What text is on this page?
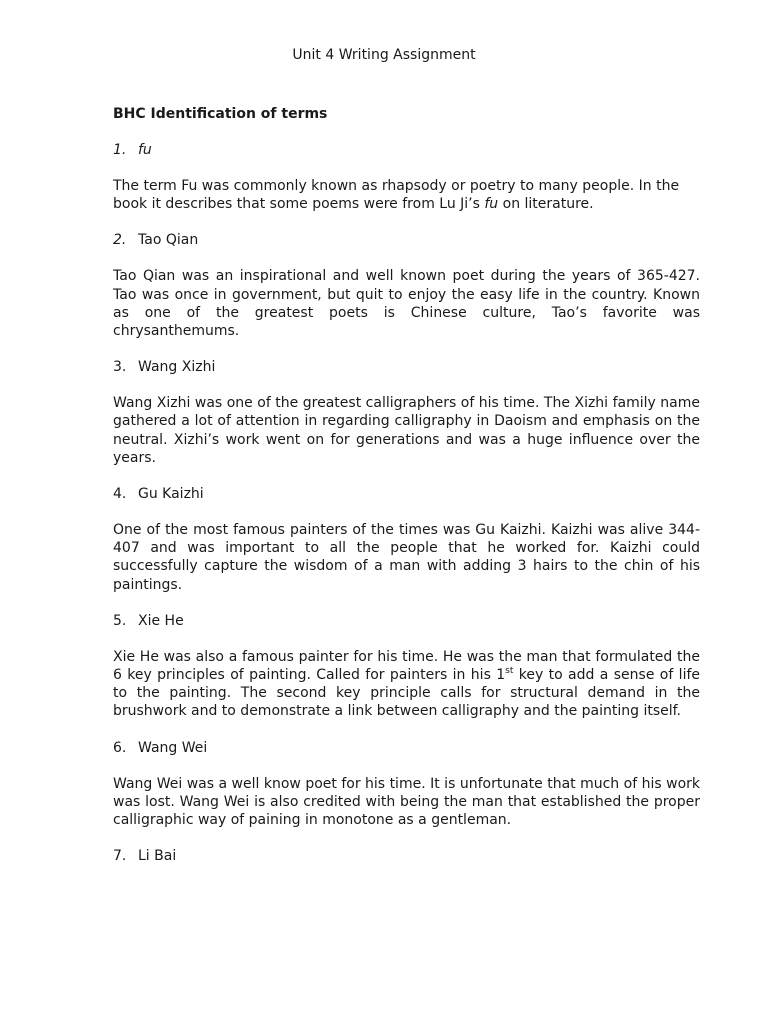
Unit 4 Writing Assignment
BHC Identification of terms
1. fu
The term Fu was commonly known as rhapsody or poetry to many people. In the book it describes that some poems were from Lu Ji’s fu on literature.
2. Tao Qian
Tao Qian was an inspirational and well known poet during the years of 365-427. Tao was once in government, but quit to enjoy the easy life in the country. Known as one of the greatest poets is Chinese culture, Tao’s favorite was chrysanthemums.
3. Wang Xizhi
Wang Xizhi was one of the greatest calligraphers of his time. The Xizhi family name gathered a lot of attention in regarding calligraphy in Daoism and emphasis on the neutral. Xizhi’s work went on for generations and was a huge influence over the years.
4. Gu Kaizhi
One of the most famous painters of the times was Gu Kaizhi. Kaizhi was alive 344-407 and was important to all the people that he worked for. Kaizhi could successfully capture the wisdom of a man with adding 3 hairs to the chin of his paintings.
5. Xie He
Xie He was also a famous painter for his time. He was the man that formulated the 6 key principles of painting. Called for painters in his 1st key to add a sense of life to the painting. The second key principle calls for structural demand in the brushwork and to demonstrate a link between calligraphy and the painting itself.
6. Wang Wei
Wang Wei was a well know poet for his time. It is unfortunate that much of his work was lost. Wang Wei is also credited with being the man that established the proper calligraphic way of paining in monotone as a gentleman.
7. Li Bai
